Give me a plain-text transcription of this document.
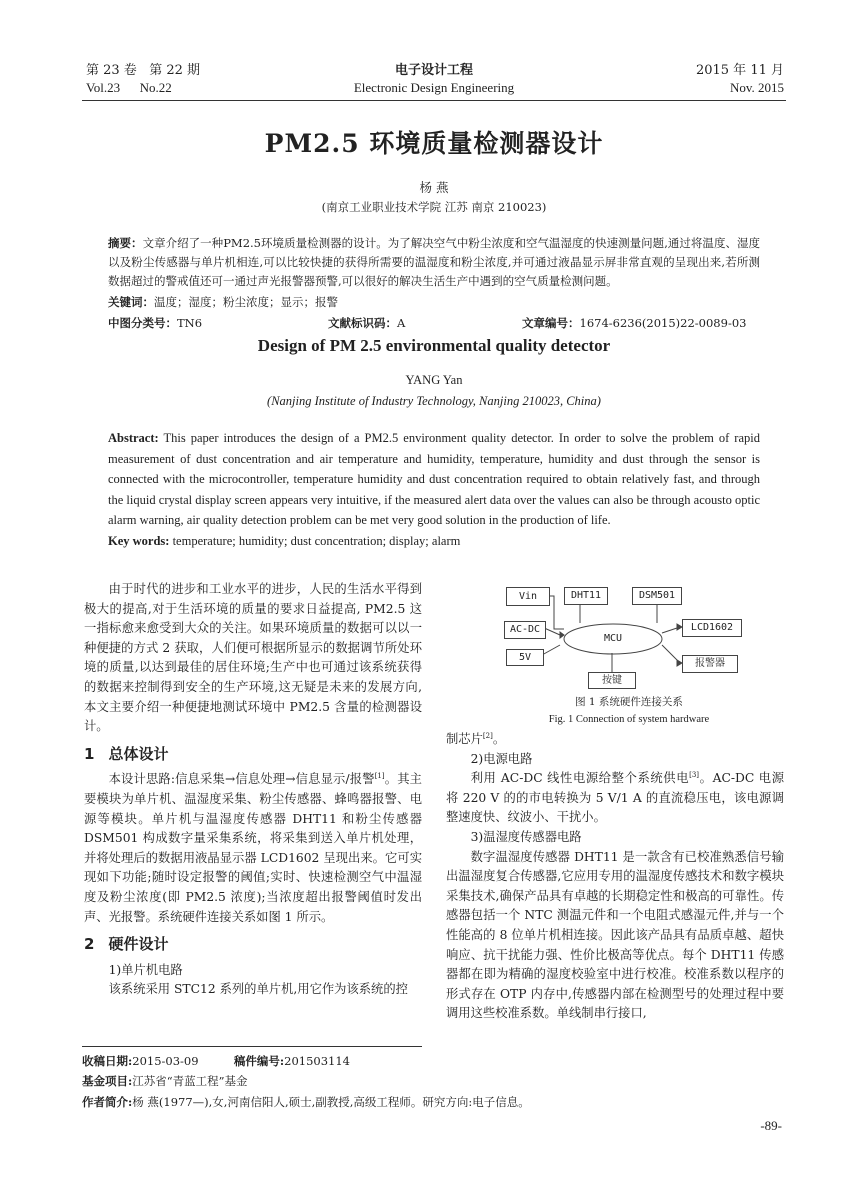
第 23 卷 第 22 期
Vol.23 No.22
电子设计工程
Electronic Design Engineering
2015 年 11 月
Nov. 2015
PM2.5 环境质量检测器设计
杨 燕
(南京工业职业技术学院 江苏 南京 210023)
摘要：文章介绍了一种PM2.5环境质量检测器的设计。为了解决空气中粉尘浓度和空气温湿度的快速测量问题,通过将温度、湿度以及粉尘传感器与单片机相连,可以比较快捷的获得所需要的温湿度和粉尘浓度,并可通过液晶显示屏非常直观的呈现出来,若所测数据超过的警戒值还可一通过声光报警器预警,可以很好的解决生活生产中遇到的空气质量检测问题。
关键词：温度；湿度；粉尘浓度；显示；报警
中图分类号：TN6	文献标识码：A	文章编号：1674-6236(2015)22-0089-03
Design of PM 2.5 environmental quality detector
YANG Yan
(Nanjing Institute of Industry Technology, Nanjing 210023, China)
Abstract: This paper introduces the design of a PM2.5 environment quality detector. In order to solve the problem of rapid measurement of dust concentration and air temperature and humidity, temperature, humidity and dust through the sensor is connected with the microcontroller, temperature humidity and dust concentration required to obtain relatively fast, and through the liquid crystal display screen appears very intuitive, if the measured alert data over the values can also be through acousto optic alarm warning, air quality detection problem can be met very good solution in the production of life.
Key words: temperature; humidity; dust concentration; display; alarm

由于时代的进步和工业水平的进步，人民的生活水平得到极大的提高,对于生活环境的质量的要求日益提高, PM2.5 这一指标愈来愈受到大众的关注。如果环境质量的数据可以以一种便捷的方式 2 获取，人们便可根据所显示的数据调节所处环境的质量,以达到最佳的居住环境;生产中也可通过该系统获得的数据来控制得到安全的生产环境,这无疑是未来的发展方向,本文主要介绍一种便捷地测试环境中 PM2.5 含量的检测器设计。

1 总体设计

本设计思路:信息采集→信息处理→信息显示/报警[1]。其主要模块为单片机、温湿度采集、粉尘传感器、蜂鸣器报警、电源等模块。单片机与温湿度传感器 DHT11 和粉尘传感器 DSM501 构成数字量采集系统，将采集到送入单片机处理，并将处理后的数据用液晶显示器 LCD1602 呈现出来。它可实现如下功能;随时设定报警的阈值;实时、快速检测空气中温湿度及粉尘浓度(即 PM2.5 浓度);当浓度超出报警阈值时发出声、光报警。系统硬件连接关系如图 1 所示。

2 硬件设计

1)单片机电路

该系统采用 STC12 系列的单片机,用它作为该系统的控

收稿日期:2015-03-09	稿件编号:201503114
基金项目:江苏省“青蓝工程”基金
作者简介:杨 燕(1977—),女,河南信阳人,硕士,副教授,高级工程师。研究方向:电子信息。
Vin	DHT11	DSM501
AC-DC
5V
MCU
LCD1602
报警器
按键
图 1 系统硬件连接关系
Fig. 1 Connection of system hardware

制芯片[2]。

2)电源电路

利用 AC-DC 线性电源给整个系统供电[3]。AC-DC 电源将 220 V 的的市电转换为 5 V/1 A 的直流稳压电，该电源调整速度快、纹波小、干扰小。

3)温湿度传感器电路

数字温湿度传感器 DHT11 是一款含有已校准熟悉信号输出温湿度复合传感器,它应用专用的温湿度传感技术和数字模块采集技术,确保产品具有卓越的长期稳定性和极高的可靠性。传感器包括一个 NTC 测温元件和一个电阻式感湿元件,并与一个性能高的 8 位单片机相连接。因此该产品具有品质卓越、超快响应、抗干扰能力强、性价比极高等优点。每个 DHT11 传感器都在即为精确的湿度校验室中进行校准。校准系数以程序的形式存在 OTP 内存中,传感器内部在检测型号的处理过程中要调用这些校准系数。单线制串行接口,

-89-
